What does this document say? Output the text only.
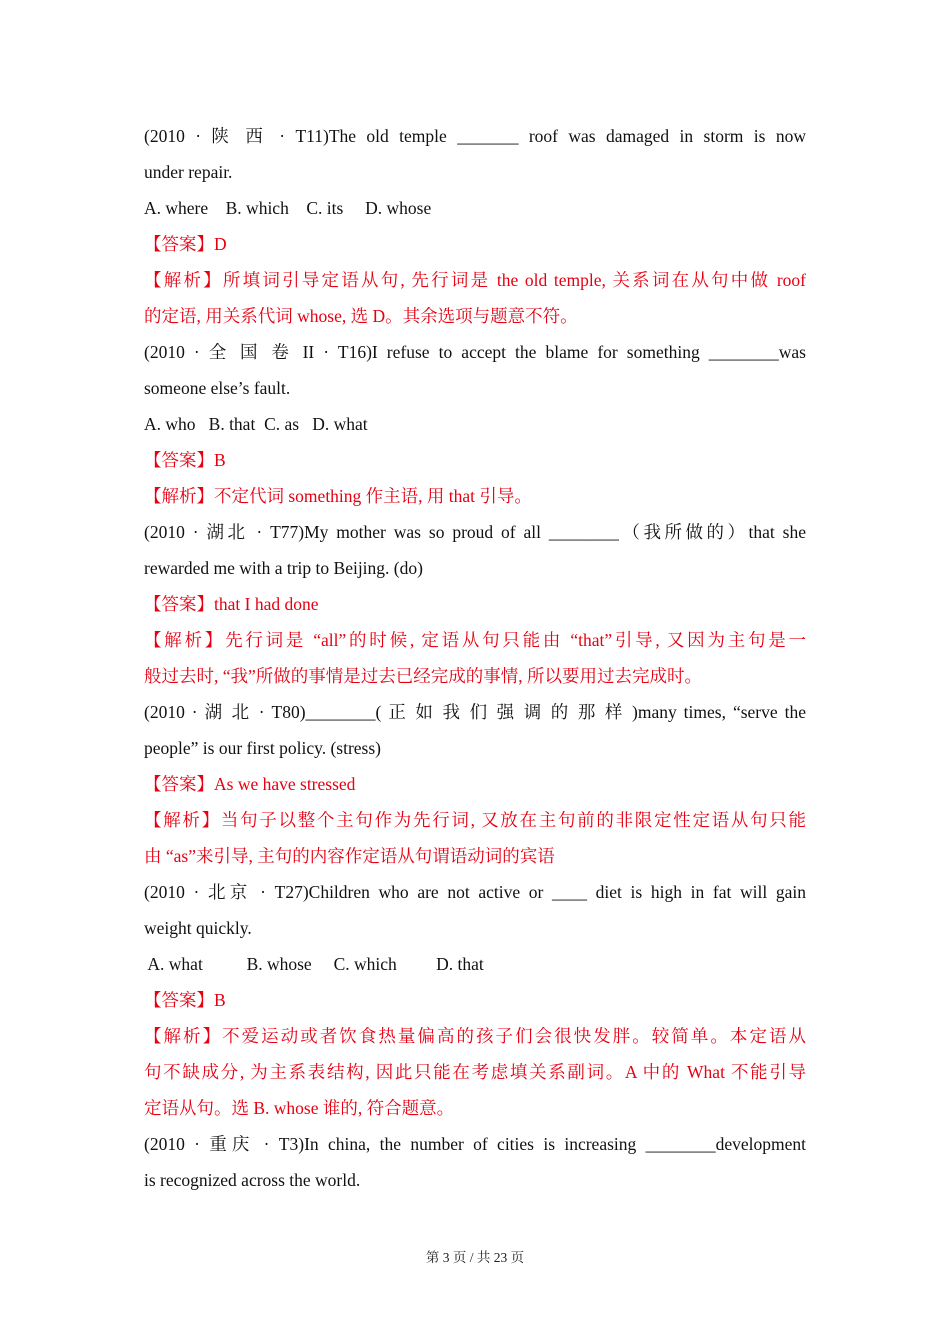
(2010 · 陕 西 · T11)The old temple _______ roof was damaged in storm is now
under repair.
A. where    B. which    C. its     D. whose
【答案】D
【解析】所填词引导定语从句, 先行词是 the old temple, 关系词在从句中做 roof
的定语, 用关系代词 whose, 选 D。其余选项与题意不符。
(2010 · 全 国 卷 II · T16)I refuse to accept the blame for something ________was
someone else’s fault.
A. who   B. that  C. as   D. what
【答案】B
【解析】不定代词 something 作主语, 用 that 引导。
(2010 · 湖北 · T77)My mother was so proud of all ________（我所做的）that she
rewarded me with a trip to Beijing. (do)
【答案】that I had done
【解析】先行词是 “all”的时候, 定语从句只能由 “that”引导, 又因为主句是一
般过去时, “我”所做的事情是过去已经完成的事情, 所以要用过去完成时。
(2010 · 湖 北 · T80)________( 正 如 我 们 强 调 的 那 样 )many times, “serve the
people” is our first policy. (stress)
【答案】As we have stressed
【解析】当句子以整个主句作为先行词, 又放在主句前的非限定性定语从句只能
由 “as”来引导, 主句的内容作定语从句谓语动词的宾语
(2010 · 北京 · T27)Children who are not active or ____ diet is high in fat will gain
weight quickly.
A. what          B. whose     C. which         D. that
【答案】B
【解析】不爱运动或者饮食热量偏高的孩子们会很快发胖。较简单。本定语从
句不缺成分, 为主系表结构, 因此只能在考虑填关系副词。A 中的 What 不能引导
定语从句。选 B. whose 谁的, 符合题意。
(2010 · 重庆 · T3)In china, the number of cities is increasing ________development
is recognized across the world.
第 3 页 / 共 23 页
